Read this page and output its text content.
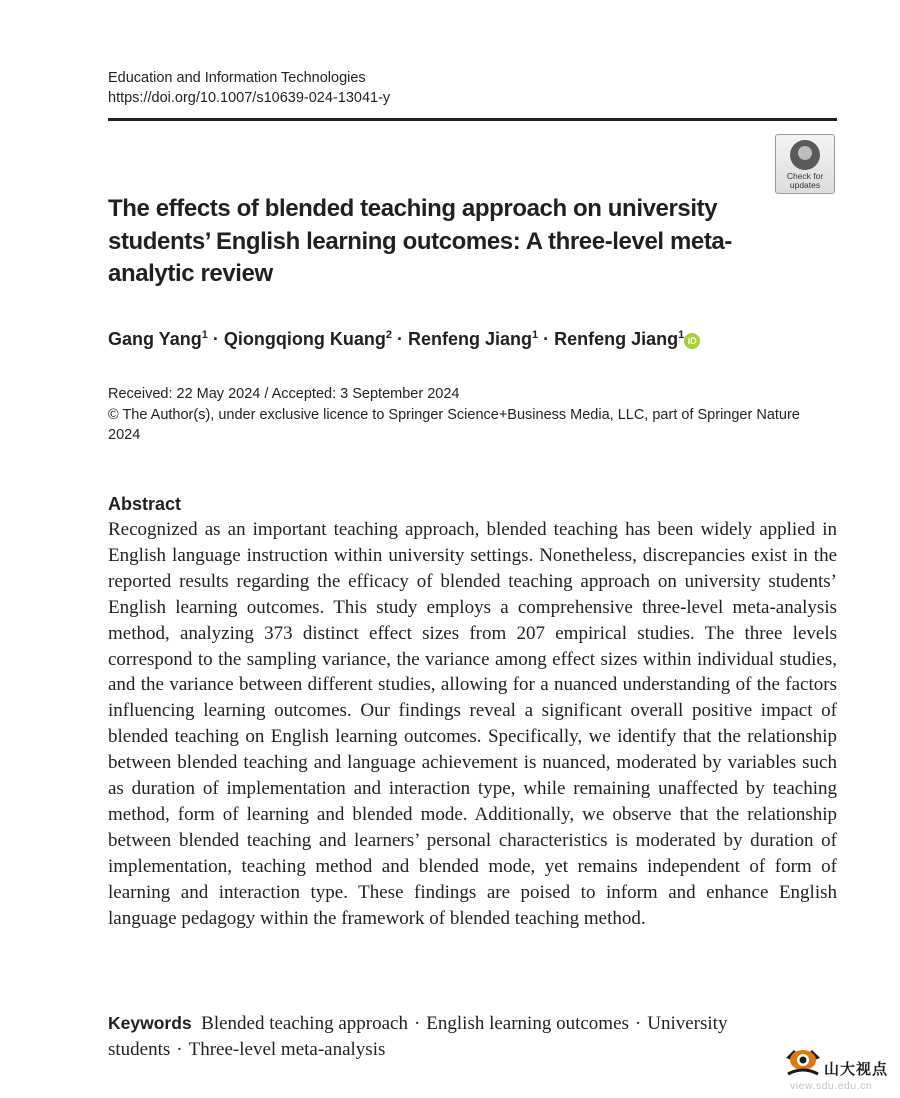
Education and Information Technologies
https://doi.org/10.1007/s10639-024-13041-y
Check for
updates
The effects of blended teaching approach on university students’ English learning outcomes: A three-level meta-analytic review
Gang Yang$^1$ · Qiongqiong Kuang$^2$ · Renfeng Jiang$^1$ · Renfeng Jiang$^1$ iD
Received: 22 May 2024 / Accepted: 3 September 2024
© The Author(s), under exclusive licence to Springer Science+Business Media, LLC, part of Springer Nature 2024
Abstract

Recognized as an important teaching approach, blended teaching has been widely applied in English language instruction within university settings. Nonetheless, discrepancies exist in the reported results regarding the efficacy of blended teaching approach on university students’ English learning outcomes. This study employs a comprehensive three-level meta-analysis method, analyzing 373 distinct effect sizes from 207 empirical studies. The three levels correspond to the sampling variance, the variance among effect sizes within individual studies, and the variance between different studies, allowing for a nuanced understanding of the factors influencing learning outcomes. Our findings reveal a significant overall positive impact of blended teaching on English learning outcomes. Specifically, we identify that the relationship between blended teaching and language achievement is nuanced, moderated by variables such as duration of implementation and interaction type, while remaining unaffected by teaching method, form of learning and blended mode. Additionally, we observe that the relationship between blended teaching and learners’ personal characteristics is moderated by duration of implementation, teaching method and blended mode, yet remains independent of form of learning and interaction type. These findings are poised to inform and enhance English language pedagogy within the framework of blended teaching method.

Keywords Blended teaching approach · English learning outcomes · University students · Three-level meta-analysis
山大视点
view.sdu.edu.cn
